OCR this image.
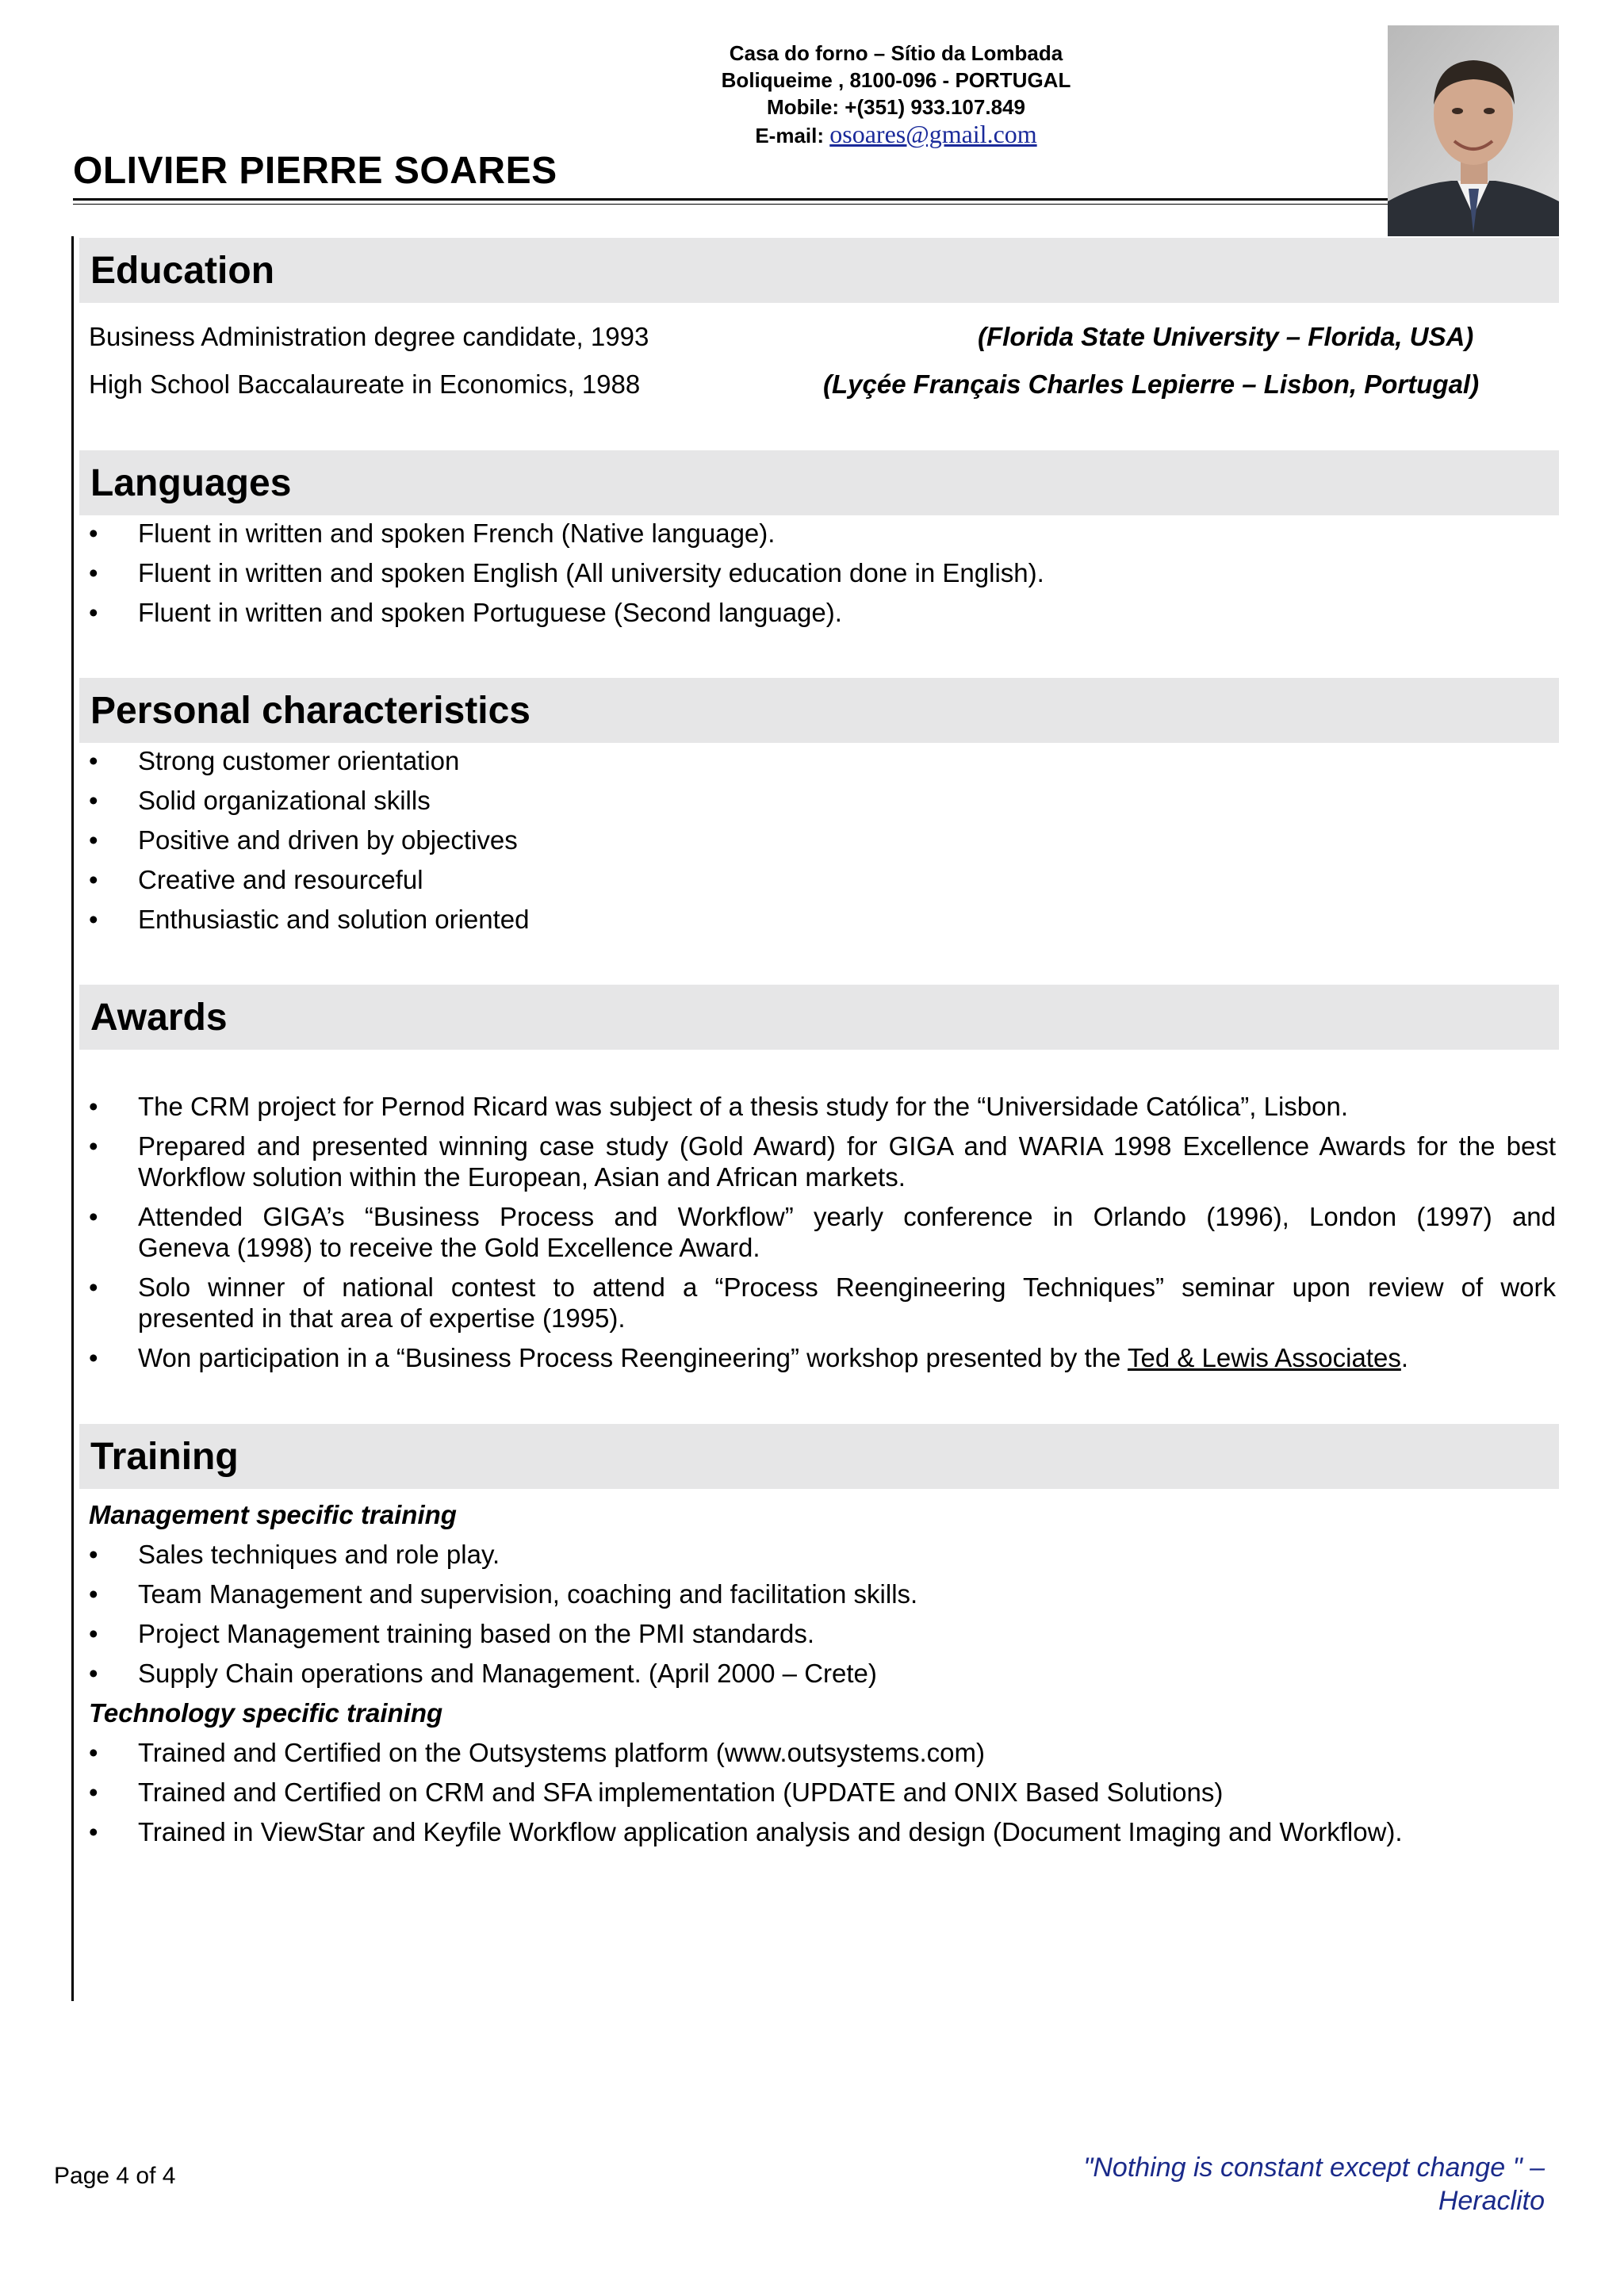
Casa do forno – Sítio da Lombada
Boliqueime , 8100-096 - PORTUGAL
Mobile: +(351) 933.107.849
E-mail: osoares@gmail.com
OLIVIER PIERRE SOARES
Education
Business Administration degree candidate, 1993	(Florida State University – Florida, USA)
High School Baccalaureate in Economics, 1988	(Lyçée Français Charles Lepierre – Lisbon, Portugal)
Languages
• Fluent in written and spoken French (Native language).
• Fluent in written and spoken English (All university education done in English).
• Fluent in written and spoken Portuguese (Second language).
Personal characteristics
• Strong customer orientation
• Solid organizational skills
• Positive and driven by objectives
• Creative and resourceful
• Enthusiastic and solution oriented
Awards
• The CRM project for Pernod Ricard was subject of a thesis study for the “Universidade Católica”, Lisbon.
• Prepared and presented winning case study (Gold Award) for GIGA and WARIA 1998 Excellence Awards for the best
Workflow solution within the European, Asian and African markets.
• Attended GIGA’s “Business Process and Workflow” yearly conference in Orlando (1996), London (1997) and
Geneva (1998) to receive the Gold Excellence Award.
• Solo winner of national contest to attend a “Process Reengineering Techniques” seminar upon review of work
presented in that area of expertise (1995).
• Won participation in a “Business Process Reengineering” workshop presented by the Ted & Lewis Associates.
Training
Management specific training
• Sales techniques and role play.
• Team Management and supervision, coaching and facilitation skills.
• Project Management training based on the PMI standards.
• Supply Chain operations and Management. (April 2000 – Crete)
Technology specific training
• Trained and Certified on the Outsystems platform (www.outsystems.com)
• Trained and Certified on CRM and SFA implementation (UPDATE and ONIX Based Solutions)
• Trained in ViewStar and Keyfile Workflow application analysis and design (Document Imaging and Workflow).
Page 4 of 4	"Nothing is constant except change " –
Heraclito
